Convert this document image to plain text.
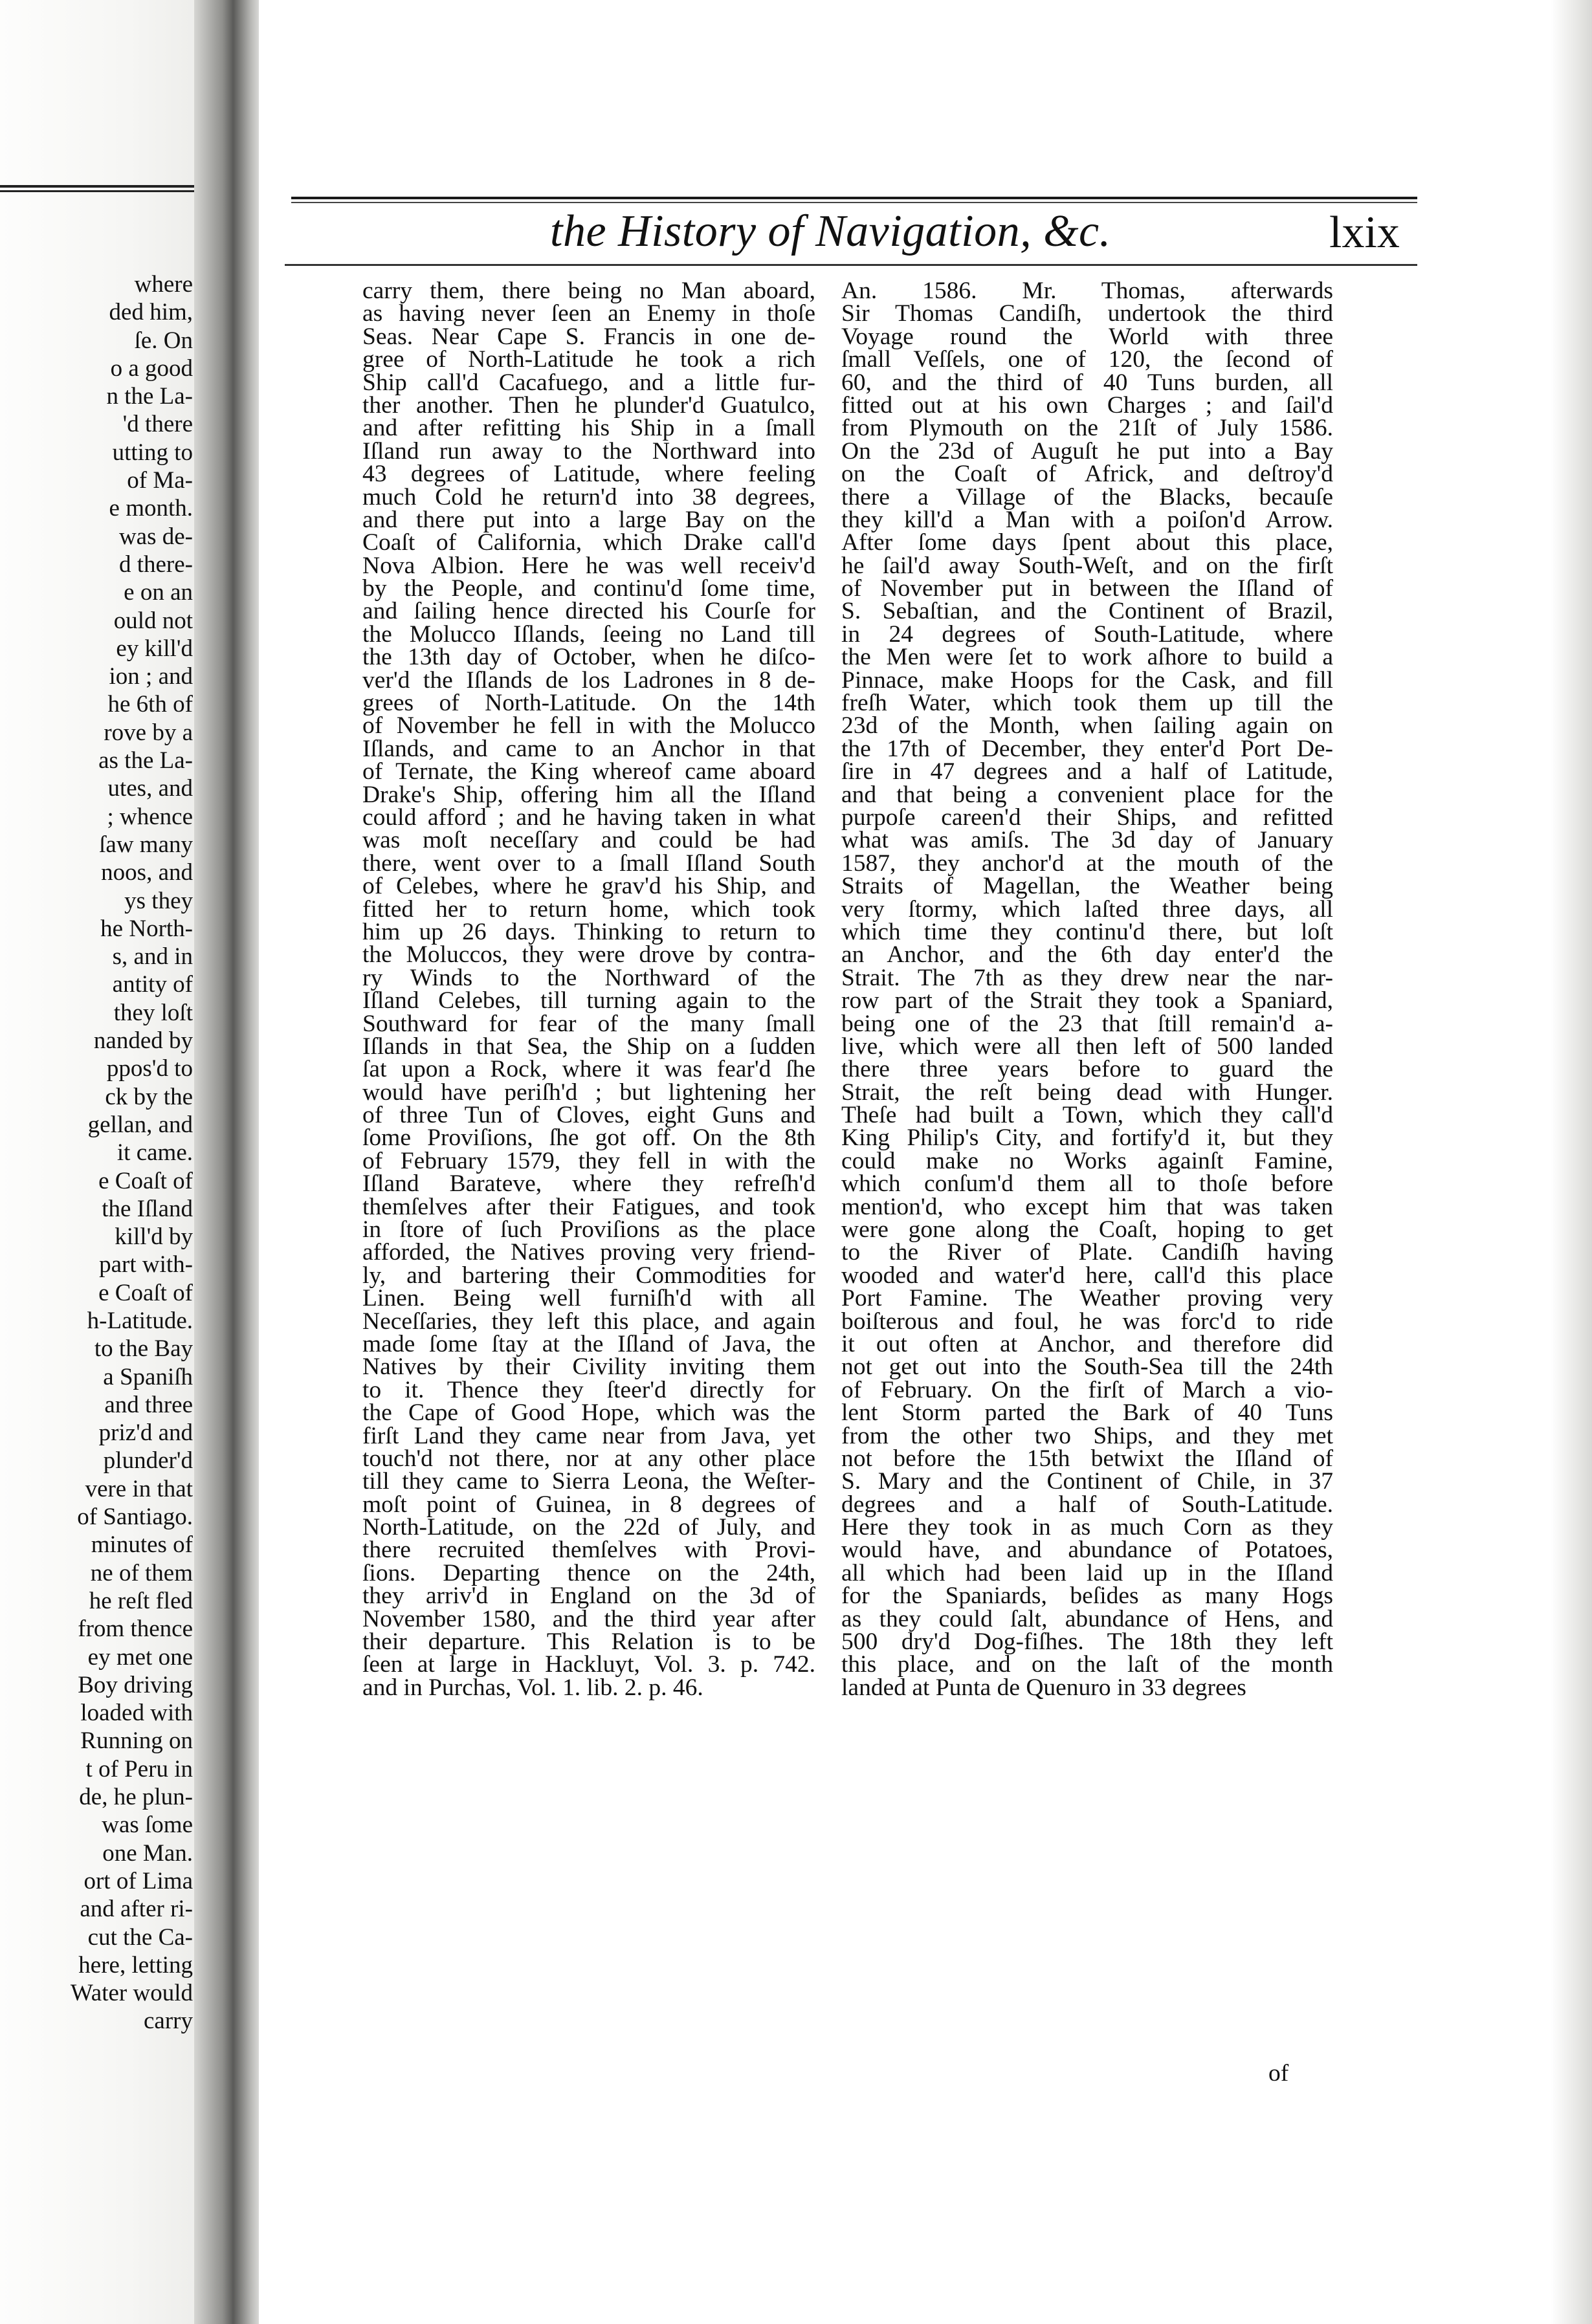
where
ded him,
ſe. On
o a good
n the La-
'd there
utting to
of Ma-
e month.
was de-
d there-
e on an
ould not
ey kill'd
ion ; and
he 6th of
rove by a
as the La-
utes, and
; whence
ſaw many
noos, and
ys they
he North-
s, and in
antity of
they loſt
nanded by
ppos'd to
ck by the
gellan, and
it came.
e Coaſt of
the Iſland
kill'd by
part with-
e Coaſt of
h-Latitude.
to the Bay
a Spaniſh
and three
priz'd and
plunder'd
vere in that
of Santiago.
minutes of
ne of them
he reſt fled
from thence
ey met one
Boy driving
loaded with
Running on
t of Peru in
de, he plun-
was ſome
one Man.
ort of Lima
and after ri-
cut the Ca-
here, letting
Water would
carry
the History of Navigation, &c.	lxix
carry them, there being no Man aboard,
as having never ſeen an Enemy in thoſe
Seas. Near Cape S. Francis in one de-
gree of North-Latitude he took a rich
Ship call'd Cacafuego, and a little fur-
ther another. Then he plunder'd Guatulco,
and after refitting his Ship in a ſmall
Iſland run away to the Northward into
43 degrees of Latitude, where feeling
much Cold he return'd into 38 degrees,
and there put into a large Bay on the
Coaſt of California, which Drake call'd
Nova Albion. Here he was well receiv'd
by the People, and continu'd ſome time,
and ſailing hence directed his Courſe for
the Molucco Iſlands, ſeeing no Land till
the 13th day of October, when he diſco-
ver'd the Iſlands de los Ladrones in 8 de-
grees of North-Latitude. On the 14th
of November he fell in with the Molucco
Iſlands, and came to an Anchor in that
of Ternate, the King whereof came aboard
Drake's Ship, offering him all the Iſland
could afford ; and he having taken in what
was moſt neceſſary and could be had
there, went over to a ſmall Iſland South
of Celebes, where he grav'd his Ship, and
fitted her to return home, which took
him up 26 days. Thinking to return to
the Moluccos, they were drove by contra-
ry Winds to the Northward of the
Iſland Celebes, till turning again to the
Southward for fear of the many ſmall
Iſlands in that Sea, the Ship on a ſudden
ſat upon a Rock, where it was fear'd ſhe
would have periſh'd ; but lightening her
of three Tun of Cloves, eight Guns and
ſome Proviſions, ſhe got off. On the 8th
of February 1579, they fell in with the
Iſland Barateve, where they refreſh'd
themſelves after their Fatigues, and took
in ſtore of ſuch Proviſions as the place
afforded, the Natives proving very friend-
ly, and bartering their Commodities for
Linen. Being well furniſh'd with all
Neceſſaries, they left this place, and again
made ſome ſtay at the Iſland of Java, the
Natives by their Civility inviting them
to it. Thence they ſteer'd directly for
the Cape of Good Hope, which was the
firſt Land they came near from Java, yet
touch'd not there, nor at any other place
till they came to Sierra Leona, the Weſter-
moſt point of Guinea, in 8 degrees of
North-Latitude, on the 22d of July, and
there recruited themſelves with Provi-
ſions. Departing thence on the 24th,
they arriv'd in England on the 3d of
November 1580, and the third year after
their departure. This Relation is to be
ſeen at large in Hackluyt, Vol. 3. p. 742.
and in Purchas, Vol. 1. lib. 2. p. 46.
An. 1586. Mr. Thomas, afterwards
Sir Thomas Candiſh, undertook the third
Voyage round the World with three
ſmall Veſſels, one of 120, the ſecond of
60, and the third of 40 Tuns burden, all
fitted out at his own Charges ; and ſail'd
from Plymouth on the 21ſt of July 1586.
On the 23d of Auguſt he put into a Bay
on the Coaſt of Africk, and deſtroy'd
there a Village of the Blacks, becauſe
they kill'd a Man with a poiſon'd Arrow.
After ſome days ſpent about this place,
he ſail'd away South-Weſt, and on the firſt
of November put in between the Iſland of
S. Sebaſtian, and the Continent of Brazil,
in 24 degrees of South-Latitude, where
the Men were ſet to work aſhore to build a
Pinnace, make Hoops for the Cask, and fill
freſh Water, which took them up till the
23d of the Month, when ſailing again on
the 17th of December, they enter'd Port De-
ſire in 47 degrees and a half of Latitude,
and that being a convenient place for the
purpoſe careen'd their Ships, and refitted
what was amiſs. The 3d day of January
1587, they anchor'd at the mouth of the
Straits of Magellan, the Weather being
very ſtormy, which laſted three days, all
which time they continu'd there, but loſt
an Anchor, and the 6th day enter'd the
Strait. The 7th as they drew near the nar-
row part of the Strait they took a Spaniard,
being one of the 23 that ſtill remain'd a-
live, which were all then left of 500 landed
there three years before to guard the
Strait, the reſt being dead with Hunger.
Theſe had built a Town, which they call'd
King Philip's City, and fortify'd it, but they
could make no Works againſt Famine,
which conſum'd them all to thoſe before
mention'd, who except him that was taken
were gone along the Coaſt, hoping to get
to the River of Plate. Candiſh having
wooded and water'd here, call'd this place
Port Famine. The Weather proving very
boiſterous and foul, he was forc'd to ride
it out often at Anchor, and therefore did
not get out into the South-Sea till the 24th
of February. On the firſt of March a vio-
lent Storm parted the Bark of 40 Tuns
from the other two Ships, and they met
not before the 15th betwixt the Iſland of
S. Mary and the Continent of Chile, in 37
degrees and a half of South-Latitude.
Here they took in as much Corn as they
would have, and abundance of Potatoes,
all which had been laid up in the Iſland
for the Spaniards, beſides as many Hogs
as they could ſalt, abundance of Hens, and
500 dry'd Dog-fiſhes. The 18th they left
this place, and on the laſt of the month
landed at Punta de Quenuro in 33 degrees
of
